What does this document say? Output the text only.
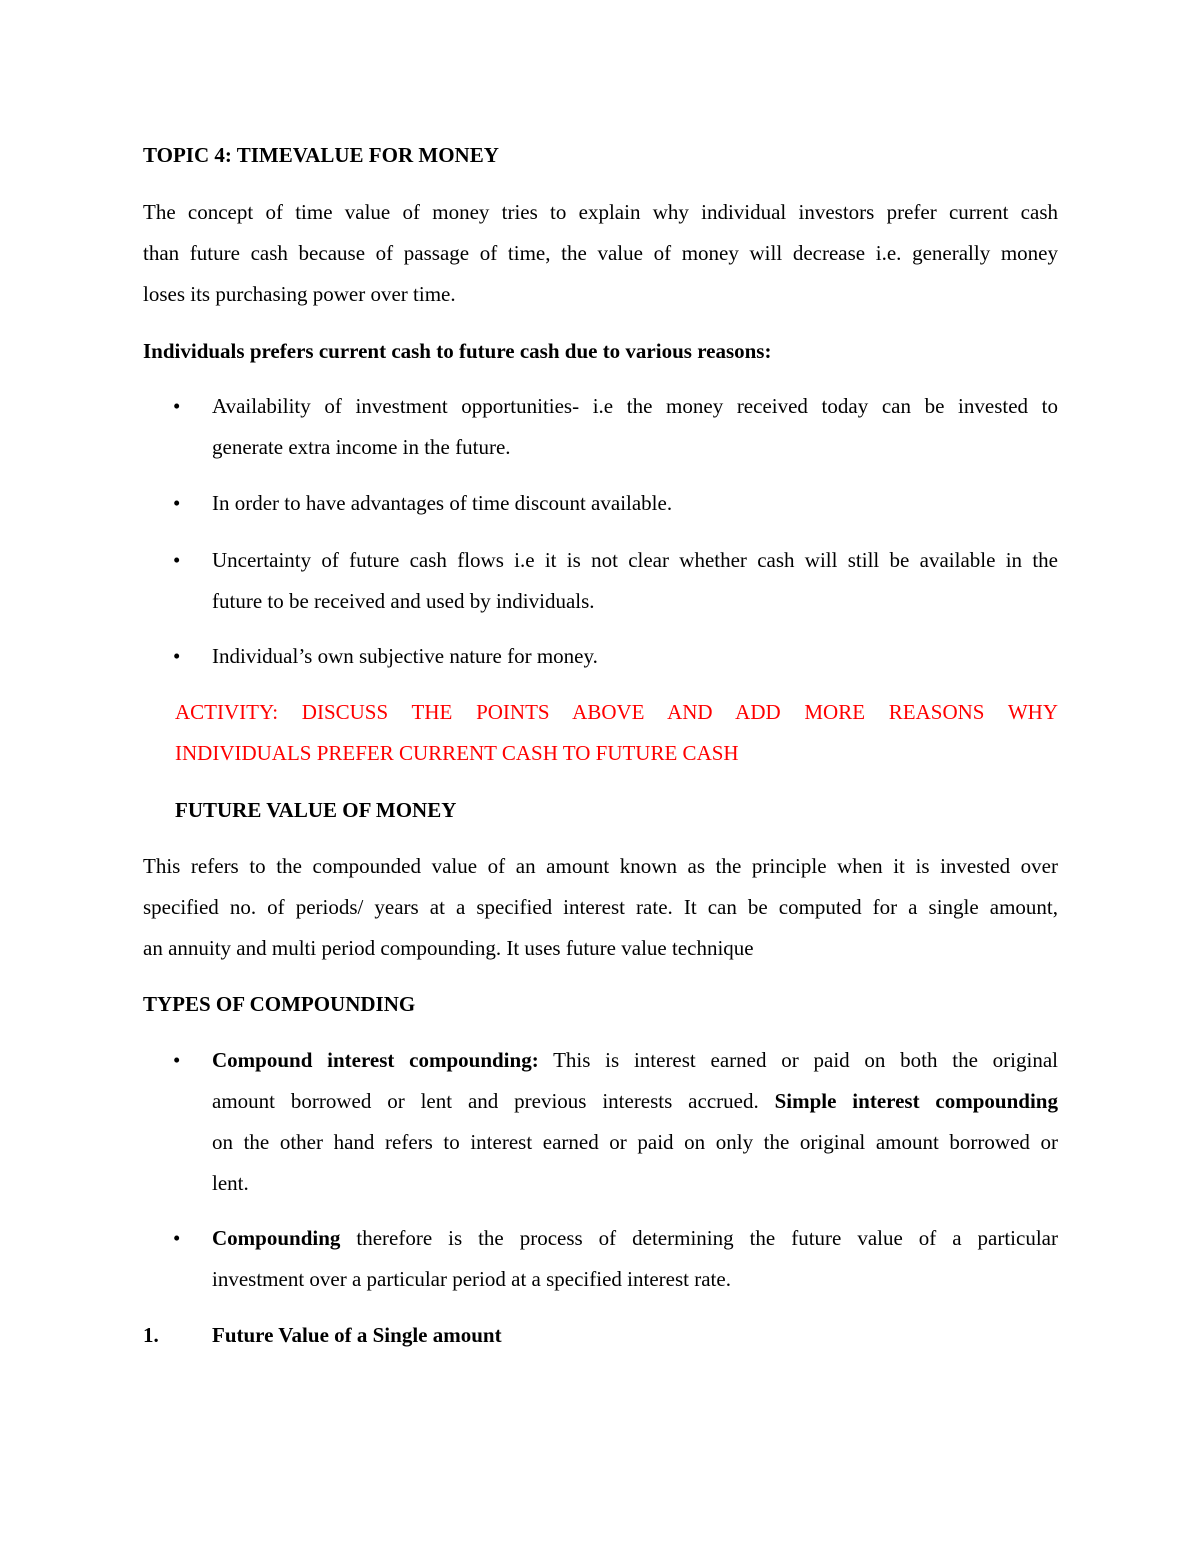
TOPIC 4: TIMEVALUE FOR MONEY
The concept of time value of money tries to explain why individual investors prefer current cash
than future cash because of passage of time, the value of money will decrease i.e. generally money
loses its purchasing power over time.
Individuals prefers current cash to future cash due to various reasons:
• Availability of investment opportunities- i.e the money received today can be invested to
generate extra income in the future.
• In order to have advantages of time discount available.
• Uncertainty of future cash flows i.e it is not clear whether cash will still be available in the
future to be received and used by individuals.
• Individual’s own subjective nature for money.
ACTIVITY: DISCUSS THE POINTS ABOVE AND ADD MORE REASONS WHY
INDIVIDUALS PREFER CURRENT CASH TO FUTURE CASH
FUTURE VALUE OF MONEY
This refers to the compounded value of an amount known as the principle when it is invested over
specified no. of periods/ years at a specified interest rate. It can be computed for a single amount,
an annuity and multi period compounding. It uses future value technique
TYPES OF COMPOUNDING
• Compound interest compounding: This is interest earned or paid on both the original
amount borrowed or lent and previous interests accrued. Simple interest compounding
on the other hand refers to interest earned or paid on only the original amount borrowed or
lent.
• Compounding therefore is the process of determining the future value of a particular
investment over a particular period at a specified interest rate.
1.	Future Value of a Single amount
